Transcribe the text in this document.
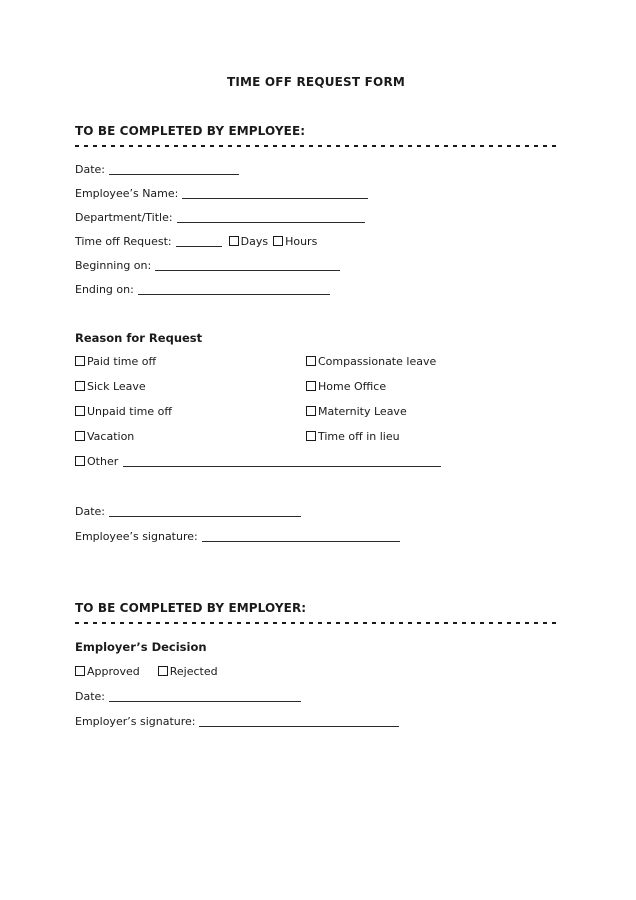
TIME OFF REQUEST FORM
TO BE COMPLETED BY EMPLOYEE:
Date:
Employee’s Name:
Department/Title:
Time off Request:	Days Hours
Beginning on:
Ending on:
Reason for Request
Paid time off	Compassionate leave
Sick Leave	Home Office
Unpaid time off	Maternity Leave
Vacation	Time off in lieu
Other
Date:
Employee’s signature:
TO BE COMPLETED BY EMPLOYER:
Employer’s Decision
Approved	Rejected
Date:
Employer’s signature:
